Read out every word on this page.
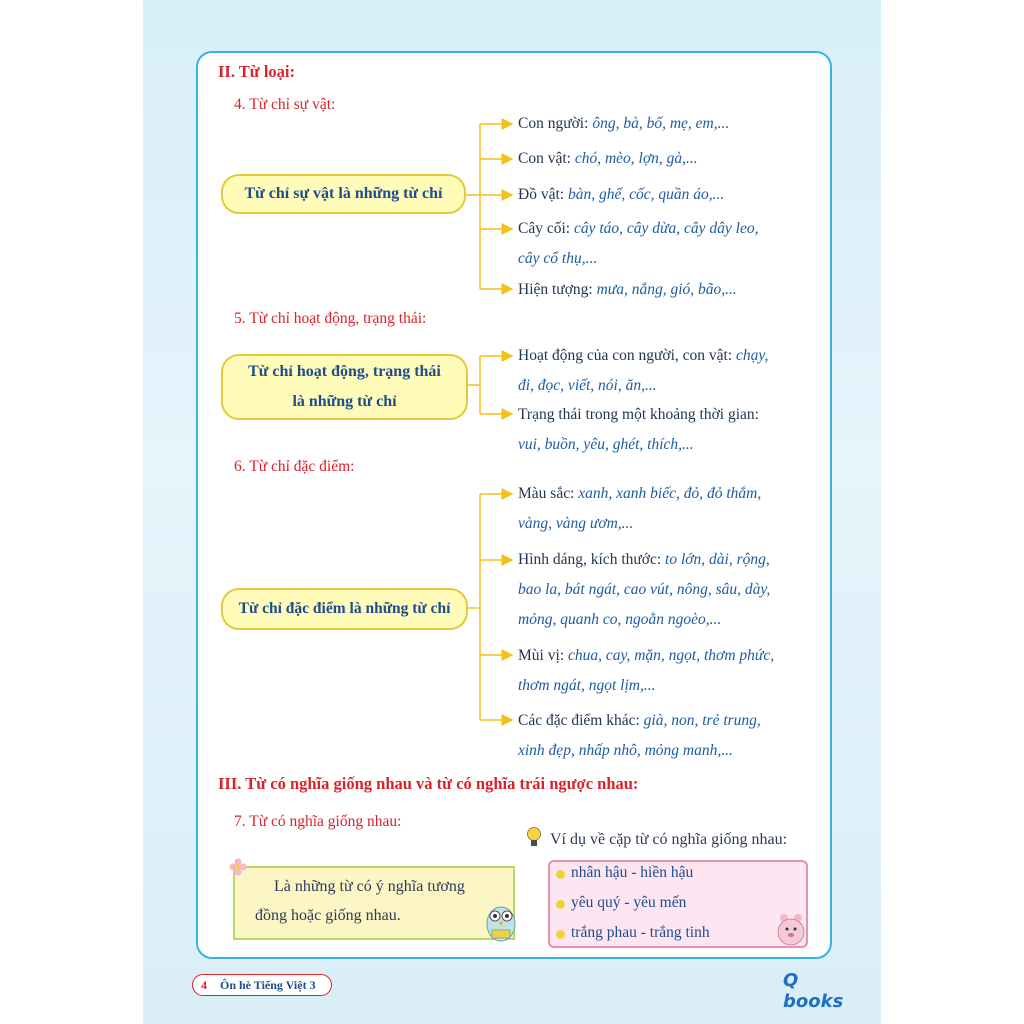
II. Từ loại:
4. Từ chỉ sự vật:
Từ chỉ sự vật là những từ chỉ
Con người: ông, bà, bố, mẹ, em,...
Con vật: chó, mèo, lợn, gà,...
Đồ vật: bàn, ghế, cốc, quần áo,...
Cây cối: cây táo, cây dừa, cây dây leo,
cây cổ thụ,...
Hiện tượng: mưa, nắng, gió, bão,...
5. Từ chỉ hoạt động, trạng thái:
Từ chỉ hoạt động, trạng thái
là những từ chỉ
Hoạt động của con người, con vật: chạy,
đi, đọc, viết, nói, ăn,...
Trạng thái trong một khoảng thời gian:
vui, buồn, yêu, ghét, thích,...
6. Từ chỉ đặc điểm:
Từ chỉ đặc điểm là những từ chỉ
Màu sắc: xanh, xanh biếc, đỏ, đỏ thắm,
vàng, vàng ươm,...
Hình dáng, kích thước: to lớn, dài, rộng,
bao la, bát ngát, cao vút, nông, sâu, dày,
mỏng, quanh co, ngoằn ngoèo,...
Mùi vị: chua, cay, mặn, ngọt, thơm phức,
thơm ngát, ngọt lịm,...
Các đặc điểm khác: già, non, trẻ trung,
xinh đẹp, nhấp nhô, mỏng manh,...
III. Từ có nghĩa giống nhau và từ có nghĩa trái ngược nhau:
7. Từ có nghĩa giống nhau:
Là những từ có ý nghĩa tương
đồng hoặc giống nhau.
Ví dụ về cặp từ có nghĩa giống nhau:
nhân hậu - hiền hậu
yêu quý - yêu mến
trắng phau - trắng tinh
4	Ôn hè Tiếng Việt 3	Q books
